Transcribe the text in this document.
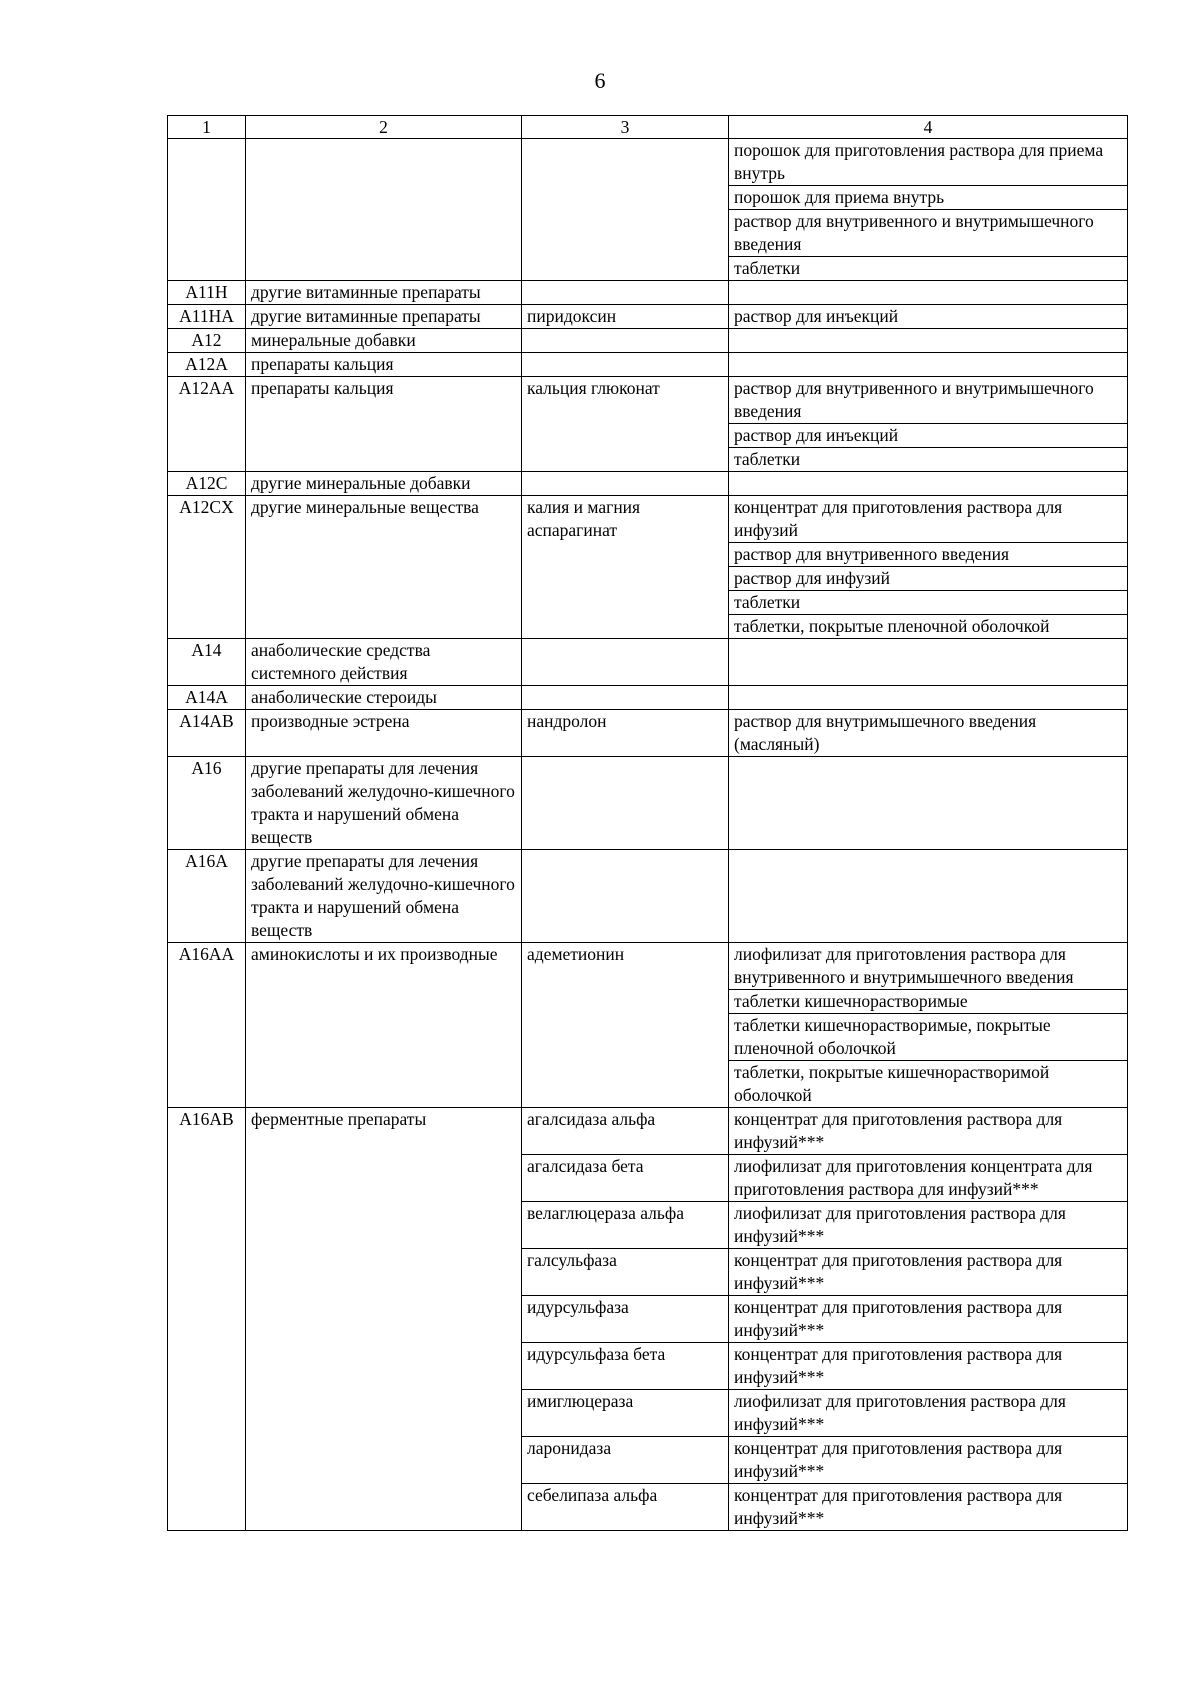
6
1	2	3	4
			порошок для приготовления раствора для приема внутрь
			порошок для приема внутрь
			раствор для внутривенного и внутримышечного введения
			таблетки
A11H	другие витаминные препараты		
A11HA	другие витаминные препараты	пиридоксин	раствор для инъекций
A12	минеральные добавки		
A12A	препараты кальция		
A12AA	препараты кальция	кальция глюконат	раствор для внутривенного и внутримышечного введения
			раствор для инъекций
			таблетки
A12C	другие минеральные добавки		
A12CX	другие минеральные вещества	калия и магния аспарагинат	концентрат для приготовления раствора для инфузий
			раствор для внутривенного введения
			раствор для инфузий
			таблетки
			таблетки, покрытые пленочной оболочкой
A14	анаболические средства системного действия		
A14A	анаболические стероиды		
A14AB	производные эстрена	нандролон	раствор для внутримышечного введения (масляный)
A16	другие препараты для лечения заболеваний желудочно-кишечного тракта и нарушений обмена веществ		
A16A	другие препараты для лечения заболеваний желудочно-кишечного тракта и нарушений обмена веществ		
A16AA	аминокислоты и их производные	адеметионин	лиофилизат для приготовления раствора для внутривенного и внутримышечного введения
			таблетки кишечнорастворимые
			таблетки кишечнорастворимые, покрытые пленочной оболочкой
			таблетки, покрытые кишечнорастворимой оболочкой
A16AB	ферментные препараты	агалсидаза альфа	концентрат для приготовления раствора для инфузий***
		агалсидаза бета	лиофилизат для приготовления концентрата для приготовления раствора для инфузий***
		велаглюцераза альфа	лиофилизат для приготовления раствора для инфузий***
		галсульфаза	концентрат для приготовления раствора для инфузий***
		идурсульфаза	концентрат для приготовления раствора для инфузий***
		идурсульфаза бета	концентрат для приготовления раствора для инфузий***
		имиглюцераза	лиофилизат для приготовления раствора для инфузий***
		ларонидаза	концентрат для приготовления раствора для инфузий***
		себелипаза альфа	концентрат для приготовления раствора для инфузий***
